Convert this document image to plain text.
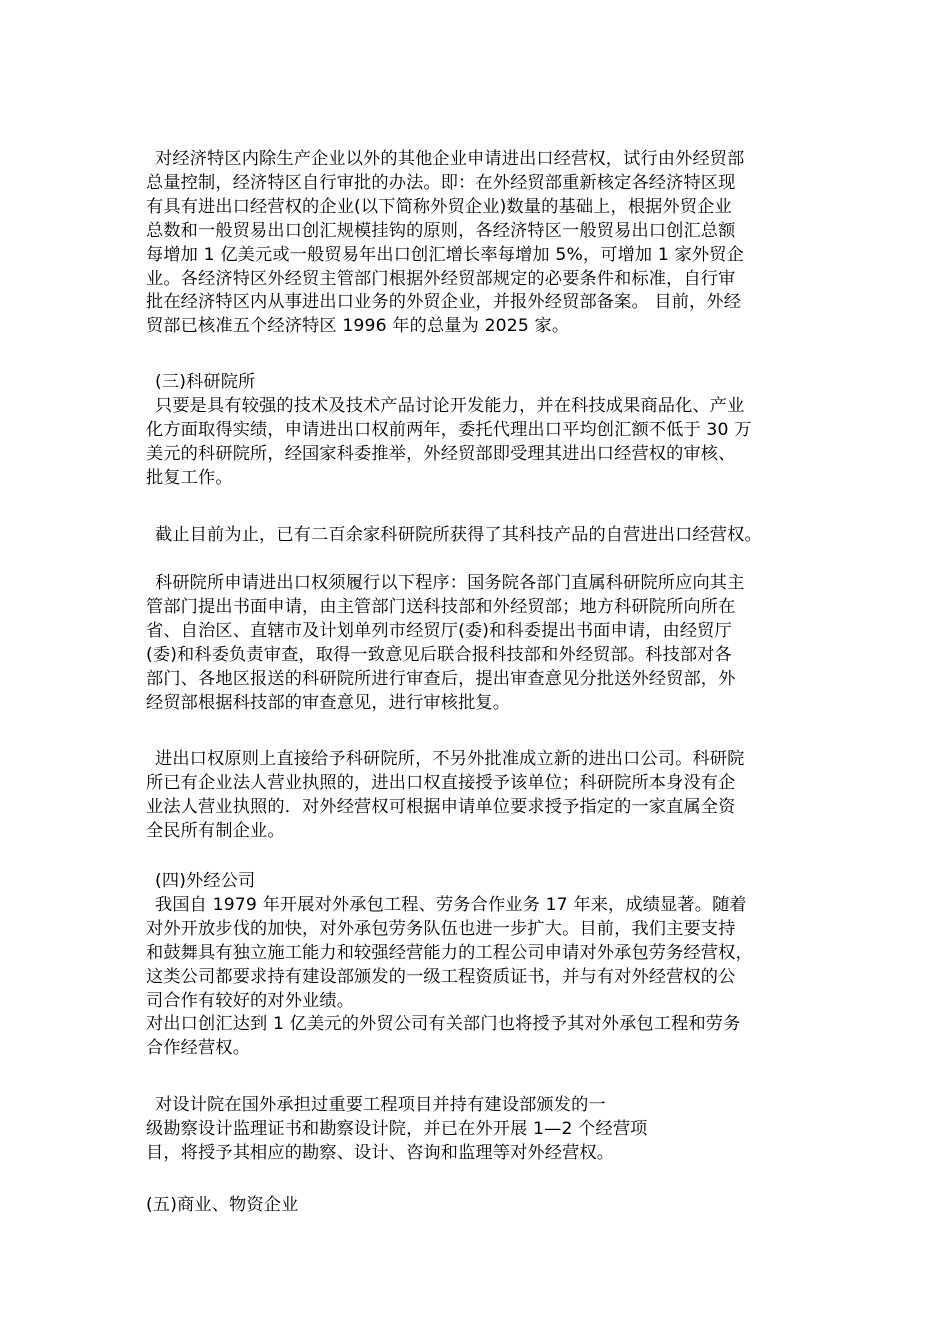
对经济特区内除生产企业以外的其他企业申请进出口经营权，试行由外经贸部
总量控制，经济特区自行审批的办法。即：在外经贸部重新核定各经济特区现
有具有进出口经营权的企业(以下简称外贸企业)数量的基础上，根据外贸企业
总数和一般贸易出口创汇规模挂钩的原则，各经济特区一般贸易出口创汇总额
每增加 1 亿美元或一般贸易年出口创汇增长率每增加 5%，可增加 1 家外贸企
业。各经济特区外经贸主管部门根据外经贸部规定的必要条件和标准，自行审
批在经济特区内从事进出口业务的外贸企业，并报外经贸部备案。 目前，外经
贸部已核准五个经济特区 1996 年的总量为 2025 家。
(三)科研院所
只要是具有较强的技术及技术产品讨论开发能力，并在科技成果商品化、产业
化方面取得实绩，申请进出口权前两年，委托代理出口平均创汇额不低于 30 万
美元的科研院所，经国家科委推举，外经贸部即受理其进出口经营权的审核、
批复工作。
截止目前为止，已有二百余家科研院所获得了其科技产品的自营进出口经营权。
科研院所申请进出口权须履行以下程序：国务院各部门直属科研院所应向其主
管部门提出书面申请，由主管部门送科技部和外经贸部；地方科研院所向所在
省、自治区、直辖市及计划单列市经贸厅(委)和科委提出书面申请，由经贸厅
(委)和科委负责审查，取得一致意见后联合报科技部和外经贸部。科技部对各
部门、各地区报送的科研院所进行审查后，提出审查意见分批送外经贸部，外
经贸部根据科技部的审查意见，进行审核批复。
进出口权原则上直接给予科研院所，不另外批准成立新的进出口公司。科研院
所已有企业法人营业执照的，进出口权直接授予该单位；科研院所本身没有企
业法人营业执照的．对外经营权可根据申请单位要求授予指定的一家直属全资
全民所有制企业。
(四)外经公司
我国自 1979 年开展对外承包工程、劳务合作业务 17 年来，成绩显著。随着
对外开放步伐的加快，对外承包劳务队伍也进一步扩大。目前，我们主要支持
和鼓舞具有独立施工能力和较强经营能力的工程公司申请对外承包劳务经营权，
这类公司都要求持有建设部颁发的一级工程资质证书，并与有对外经营权的公
司合作有较好的对外业绩。
对出口创汇达到 1 亿美元的外贸公司有关部门也将授予其对外承包工程和劳务
合作经营权。
对设计院在国外承担过重要工程项目并持有建设部颁发的一
级勘察设计监理证书和勘察设计院，并已在外开展 1—2 个经营项
目，将授予其相应的勘察、设计、咨询和监理等对外经营权。
(五)商业、物资企业
